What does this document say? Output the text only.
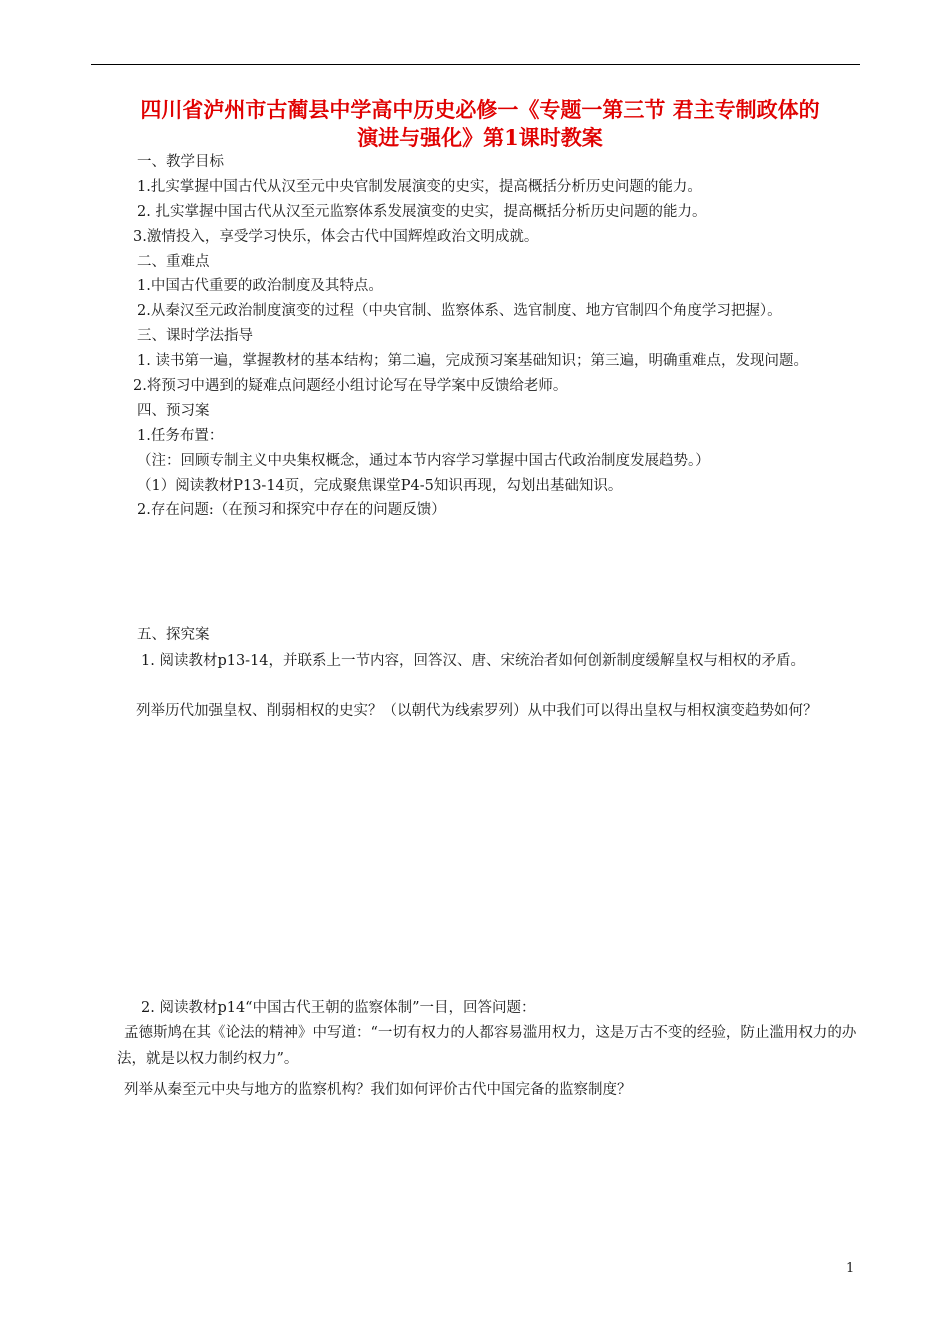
四川省泸州市古蔺县中学高中历史必修一《专题一第三节 君主专制政体的
演进与强化》第1课时教案
一、教学目标
1.扎实掌握中国古代从汉至元中央官制发展演变的史实，提高概括分析历史问题的能力。
2. 扎实掌握中国古代从汉至元监察体系发展演变的史实，提高概括分析历史问题的能力。
3.激情投入，享受学习快乐，体会古代中国辉煌政治文明成就。
二、重难点
1.中国古代重要的政治制度及其特点。
2.从秦汉至元政治制度演变的过程（中央官制、监察体系、选官制度、地方官制四个角度学习把握）。
三、课时学法指导
1. 读书第一遍，掌握教材的基本结构；第二遍，完成预习案基础知识；第三遍，明确重难点，发现问题。
2.将预习中遇到的疑难点问题经小组讨论写在导学案中反馈给老师。
四、预习案
1.任务布置：
（注：回顾专制主义中央集权概念，通过本节内容学习掌握中国古代政治制度发展趋势。）
（1）阅读教材P13-14页，完成聚焦课堂P4-5知识再现，勾划出基础知识。
2.存在问题:（在预习和探究中存在的问题反馈）
五、探究案
1. 阅读教材p13-14，并联系上一节内容，回答汉、唐、宋统治者如何创新制度缓解皇权与相权的矛盾。
列举历代加强皇权、削弱相权的史实？（以朝代为线索罗列）从中我们可以得出皇权与相权演变趋势如何？
2. 阅读教材p14“中国古代王朝的监察体制”一目，回答问题：
孟德斯鸠在其《论法的精神》中写道：“一切有权力的人都容易滥用权力，这是万古不变的经验，防止滥用权力的办法，就是以权力制约权力”。
列举从秦至元中央与地方的监察机构？我们如何评价古代中国完备的监察制度？
1
